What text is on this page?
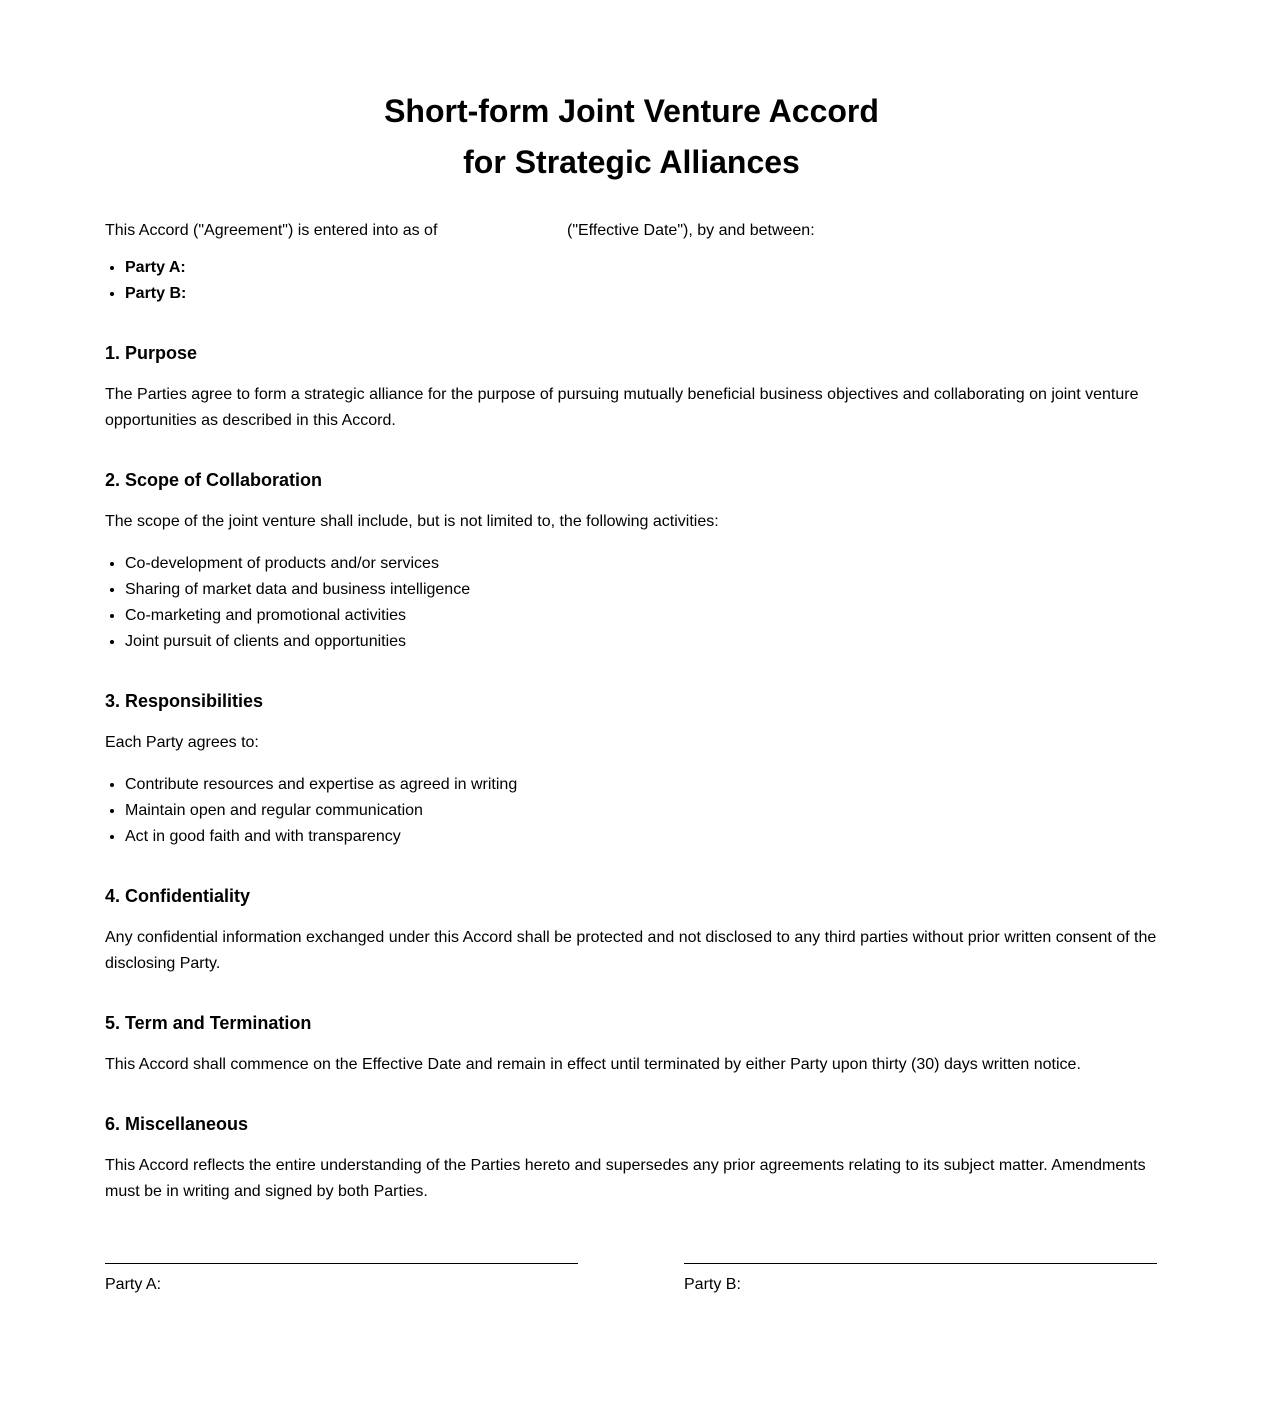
Short-form Joint Venture Accord
for Strategic Alliances
This Accord ("Agreement") is entered into as of	("Effective Date"), by and between:
• Party A:
• Party B:
1. Purpose

The Parties agree to form a strategic alliance for the purpose of pursuing mutually beneficial business objectives and collaborating on joint venture opportunities as described in this Accord.

2. Scope of Collaboration

The scope of the joint venture shall include, but is not limited to, the following activities:

• Co-development of products and/or services
• Sharing of market data and business intelligence
• Co-marketing and promotional activities
• Joint pursuit of clients and opportunities
3. Responsibilities

Each Party agrees to:

• Contribute resources and expertise as agreed in writing
• Maintain open and regular communication
• Act in good faith and with transparency
4. Confidentiality

Any confidential information exchanged under this Accord shall be protected and not disclosed to any third parties without prior written consent of the disclosing Party.

5. Term and Termination

This Accord shall commence on the Effective Date and remain in effect until terminated by either Party upon thirty (30) days written notice.

6. Miscellaneous

This Accord reflects the entire understanding of the Parties hereto and supersedes any prior agreements relating to its subject matter. Amendments must be in writing and signed by both Parties.

Party A:	Party B:
